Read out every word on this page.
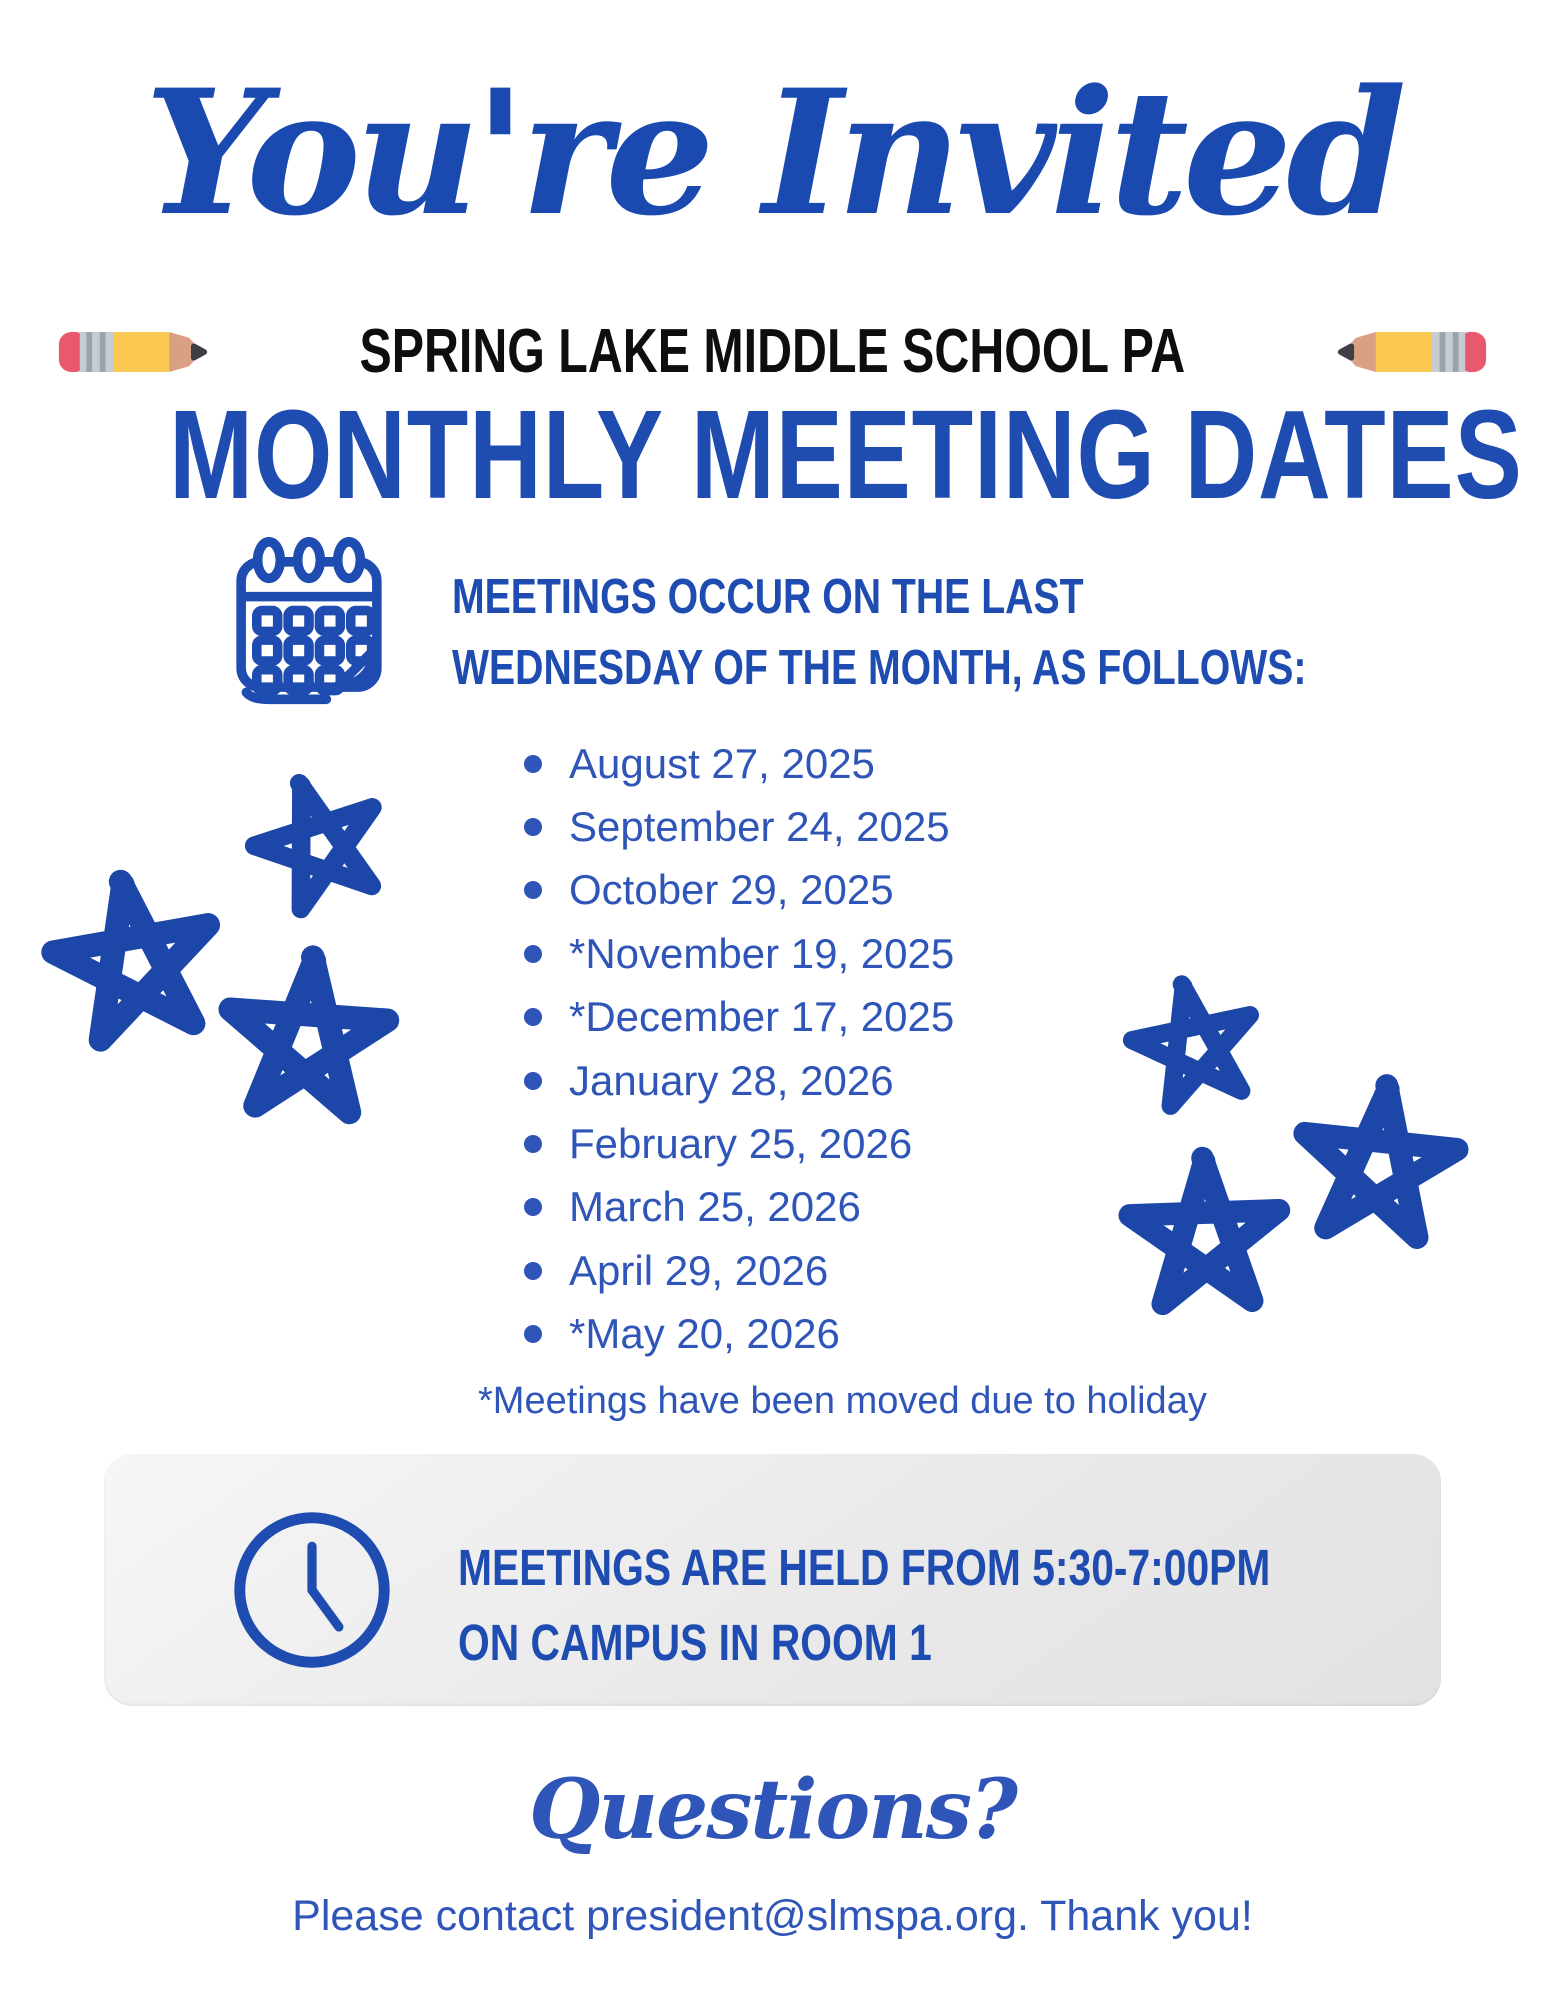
You're Invited
SPRING LAKE MIDDLE SCHOOL PA
MONTHLY MEETING DATES
MEETINGS OCCUR ON THE LAST
WEDNESDAY OF THE MONTH, AS FOLLOWS:
August 27, 2025
September 24, 2025
October 29, 2025
*November 19, 2025
*December 17, 2025
January 28, 2026
February 25, 2026
March 25, 2026
April 29, 2026
*May 20, 2026
*Meetings have been moved due to holiday
MEETINGS ARE HELD FROM 5:30-7:00PM
ON CAMPUS IN ROOM 1
Questions?
Please contact president@slmspa.org. Thank you!
